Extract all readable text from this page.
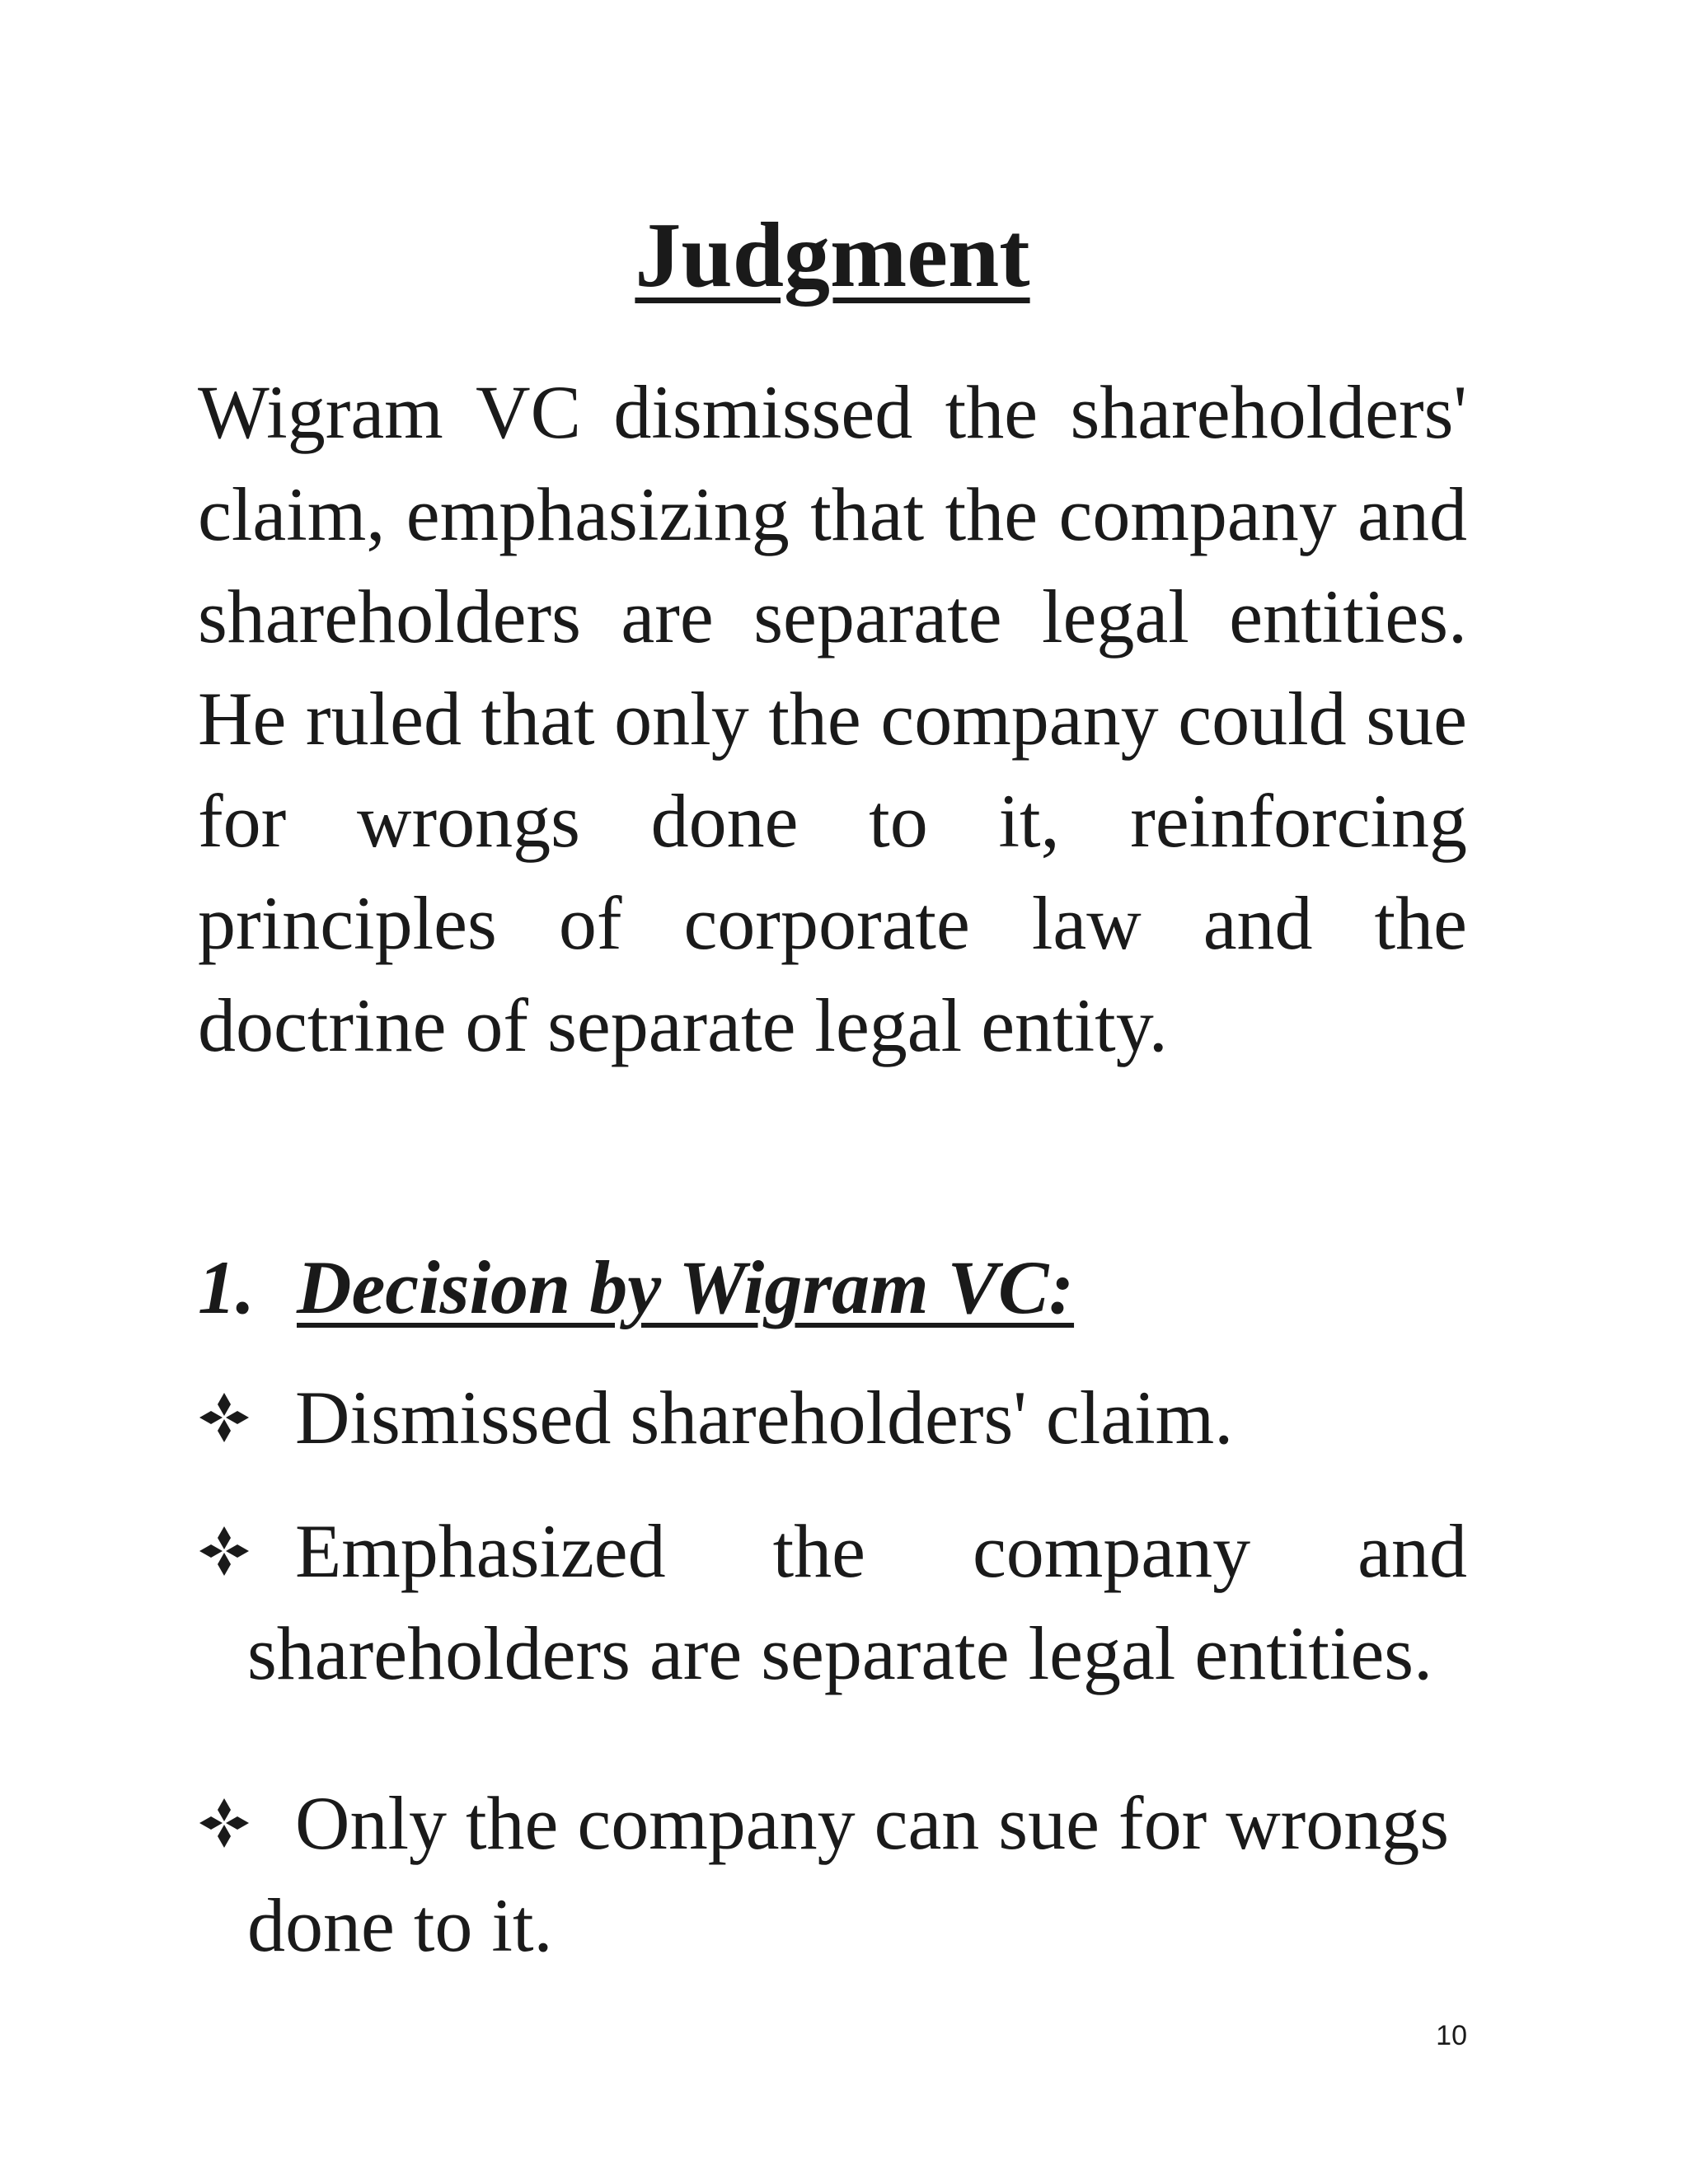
Judgment
Wigram VC dismissed the shareholders'
claim, emphasizing that the company and
shareholders are separate legal entities.
He ruled that only the company could sue
for wrongs done to it, reinforcing
principles of corporate law and the
doctrine of separate legal entity.
1. Decision by Wigram VC:
Dismissed shareholders' claim.
Emphasized the company and
shareholders are separate legal entities.
Only the company can sue for wrongs
done to it.
10
